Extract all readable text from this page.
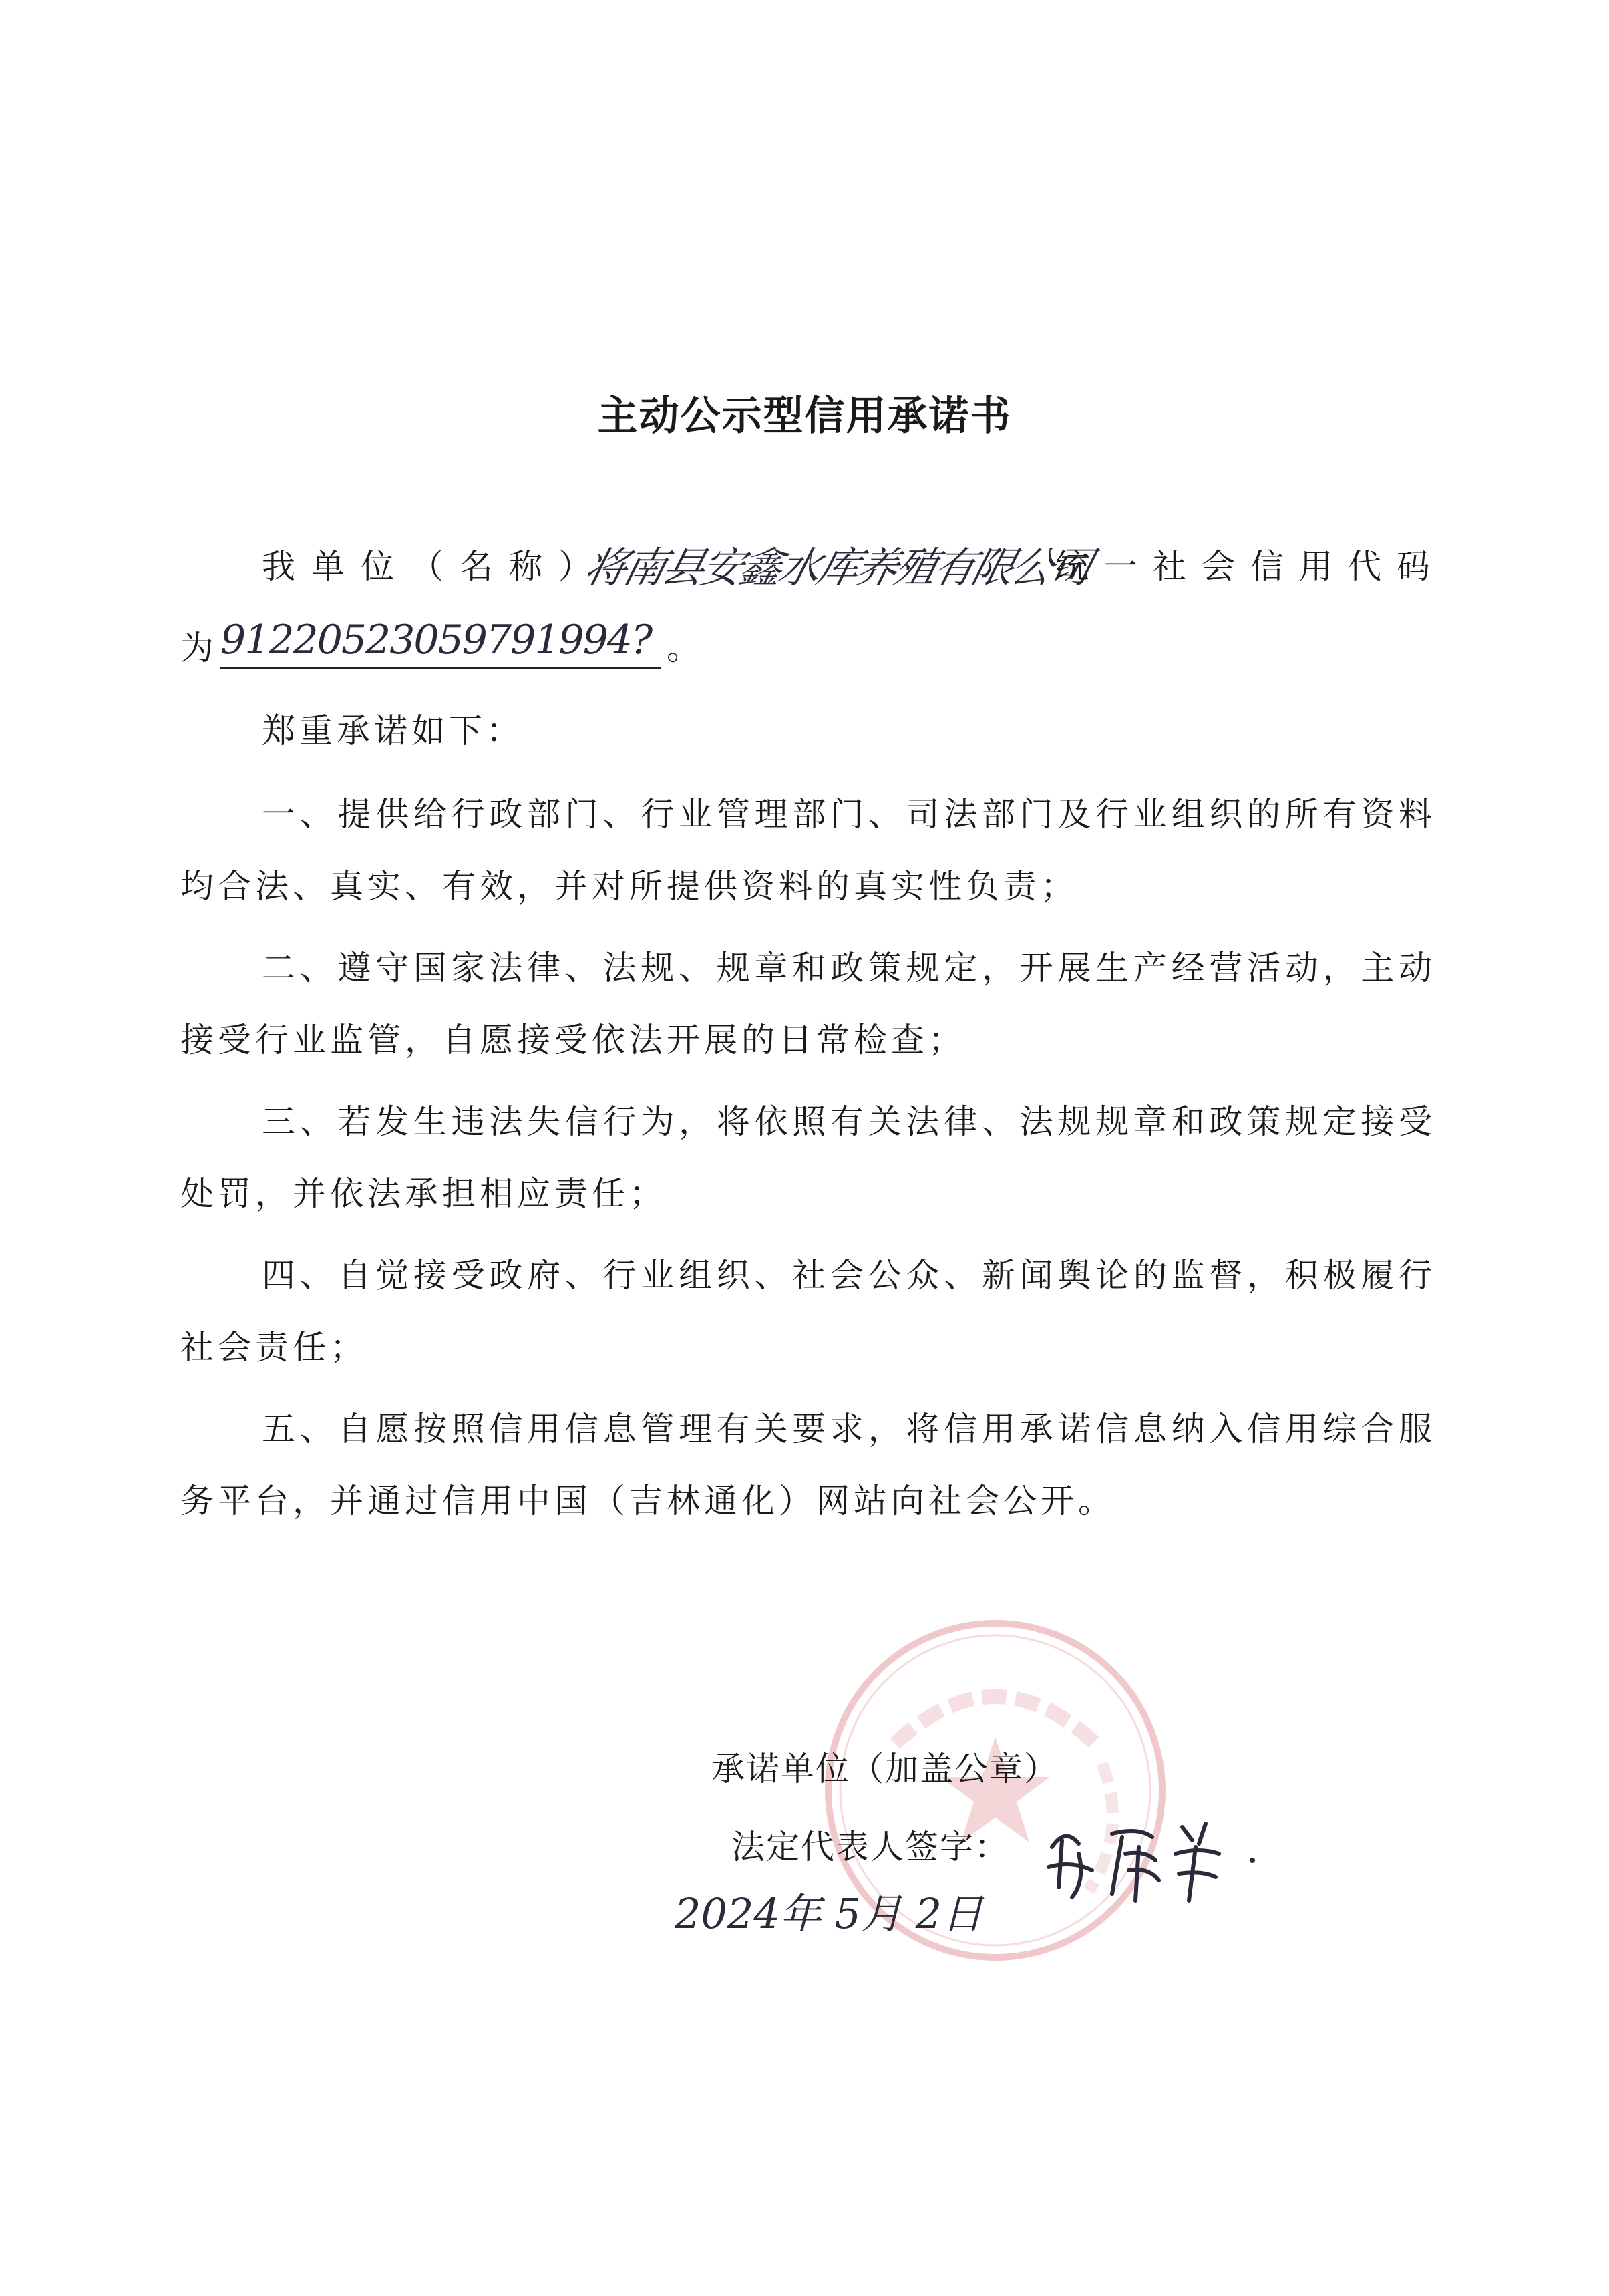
主动公示型信用承诺书
我单位（名称）
将南县安鑫水库养殖有限公司
统一社会信用代码
为 91220523059791994? 。
郑重承诺如下：
一、提供给行政部门、行业管理部门、司法部门及行业组织的所有资料均合法、真实、有效，并对所提供资料的真实性负责；
二、遵守国家法律、法规、规章和政策规定，开展生产经营活动，主动接受行业监管，自愿接受依法开展的日常检查；
三、若发生违法失信行为，将依照有关法律、法规规章和政策规定接受处罚，并依法承担相应责任；
四、自觉接受政府、行业组织、社会公众、新闻舆论的监督，积极履行社会责任；
五、自愿按照信用信息管理有关要求，将信用承诺信息纳入信用综合服务平台，并通过信用中国（吉林通化）网站向社会公开。
承诺单位（加盖公章）
法定代表人签字：
2024年 5月 2日
